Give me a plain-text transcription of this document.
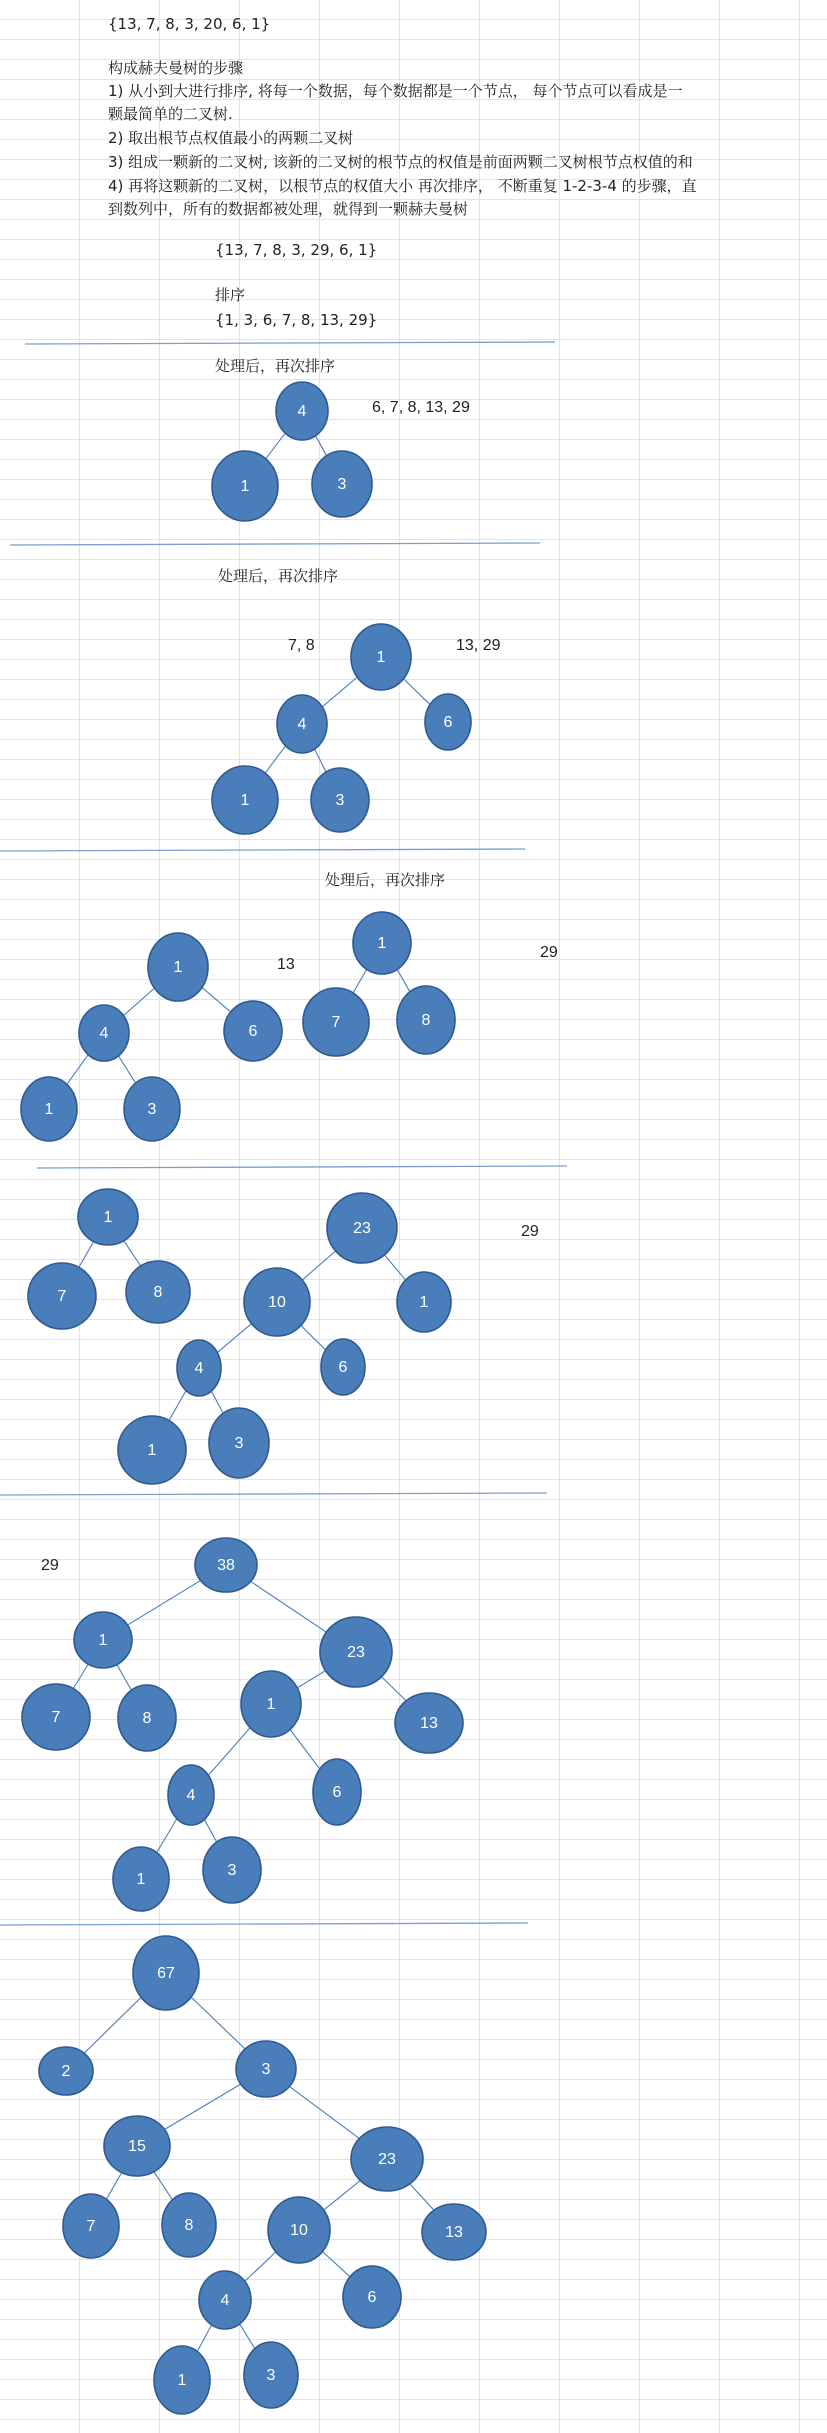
{13, 7, 8, 3, 20, 6, 1}
构成赫夫曼树的步骤
1) 从小到大进行排序, 将每一个数据，每个数据都是一个节点， 每个节点可以看成是一
颗最简单的二叉树.
2) 取出根节点权值最小的两颗二叉树
3) 组成一颗新的二叉树, 该新的二叉树的根节点的权值是前面两颗二叉树根节点权值的和
4) 再将这颗新的二叉树，以根节点的权值大小 再次排序， 不断重复 1-2-3-4 的步骤，直
到数列中，所有的数据都被处理，就得到一颗赫夫曼树
{13, 7, 8, 3, 29, 6, 1}
排序
{1, 3, 6, 7, 8, 13, 29}
处理后，再次排序
处理后，再次排序
处理后，再次排序
4
1	3
1
4	6
1	3
1
4	6
1	3
1
7	8
1
7	8
23
10	1
4	6
1	3
38
1
7	8
23
1
13
4	6
1
3
67
2	3
15
7	8
23
10	13
4	6
1	3
6, 7, 8, 13, 29
7, 8	13, 29
13
29
29
29
